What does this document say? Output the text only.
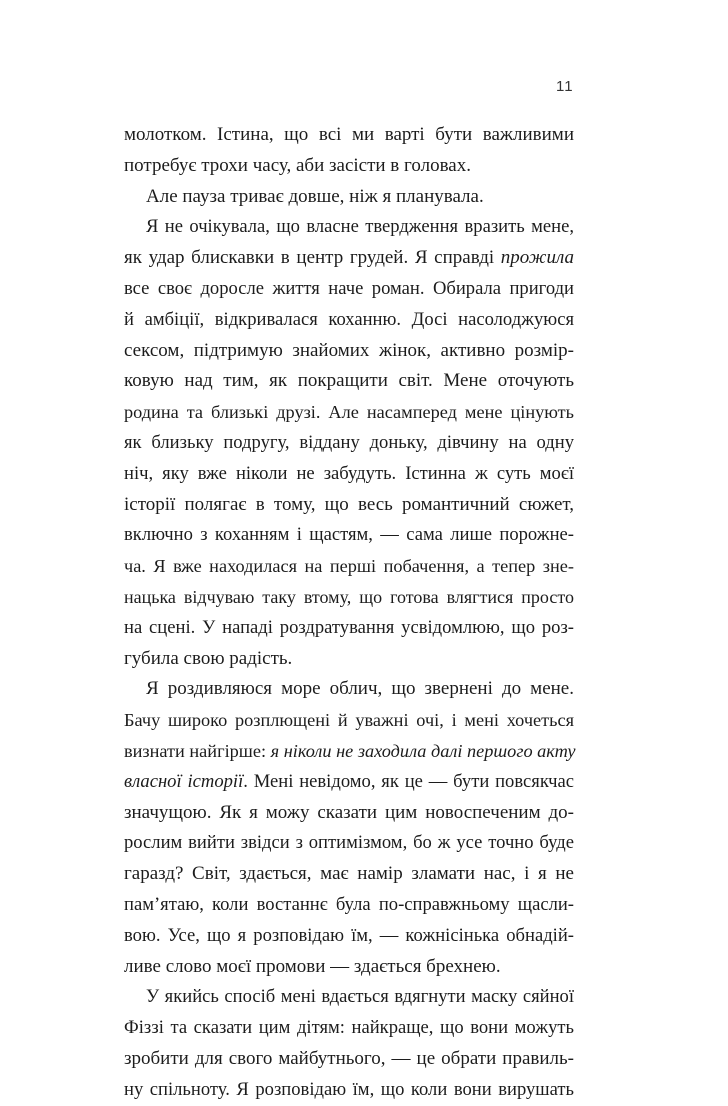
11
молотком. Істина, що всі ми варті бути важливими
потребує трохи часу, аби засісти в головах.
Але пауза триває довше, ніж я планувала.
Я не очікувала, що власне твердження вразить мене,
як удар блискавки в центр грудей. Я справді прожила
все своє доросле життя наче роман. Обирала пригоди
й амбіції, відкривалася коханню. Досі насолоджуюся
сексом, підтримую знайомих жінок, активно розмір-
ковую над тим, як покращити світ. Мене оточують
родина та близькі друзі. Але насамперед мене цінують
як близьку подругу, віддану доньку, дівчину на одну
ніч, яку вже ніколи не забудуть. Істинна ж суть моєї
історії полягає в тому, що весь романтичний сюжет,
включно з коханням і щастям, — сама лише порожне-
ча. Я вже находилася на перші побачення, а тепер зне-
нацька відчуваю таку втому, що готова влягтися просто
на сцені. У нападі роздратування усвідомлюю, що роз-
губила свою радість.
Я роздивляюся море облич, що звернені до мене.
Бачу широко розплющені й уважні очі, і мені хочеться
визнати найгірше: я ніколи не заходила далі першого акту
власної історії. Мені невідомо, як це — бути повсякчас
значущою. Як я можу сказати цим новоспеченим до-
рослим вийти звідси з оптимізмом, бо ж усе точно буде
гаразд? Світ, здається, має намір зламати нас, і я не
пам’ятаю, коли востаннє була по-справжньому щасли-
вою. Усе, що я розповідаю їм, — кожнісінька обнадій-
ливе слово моєї промови — здається брехнею.
У якийсь спосіб мені вдається вдягнути маску сяйної
Фіззі та сказати цим дітям: найкраще, що вони можуть
зробити для свого майбутнього, — це обрати правиль-
ну спільноту. Я розповідаю їм, що коли вони вирушать
